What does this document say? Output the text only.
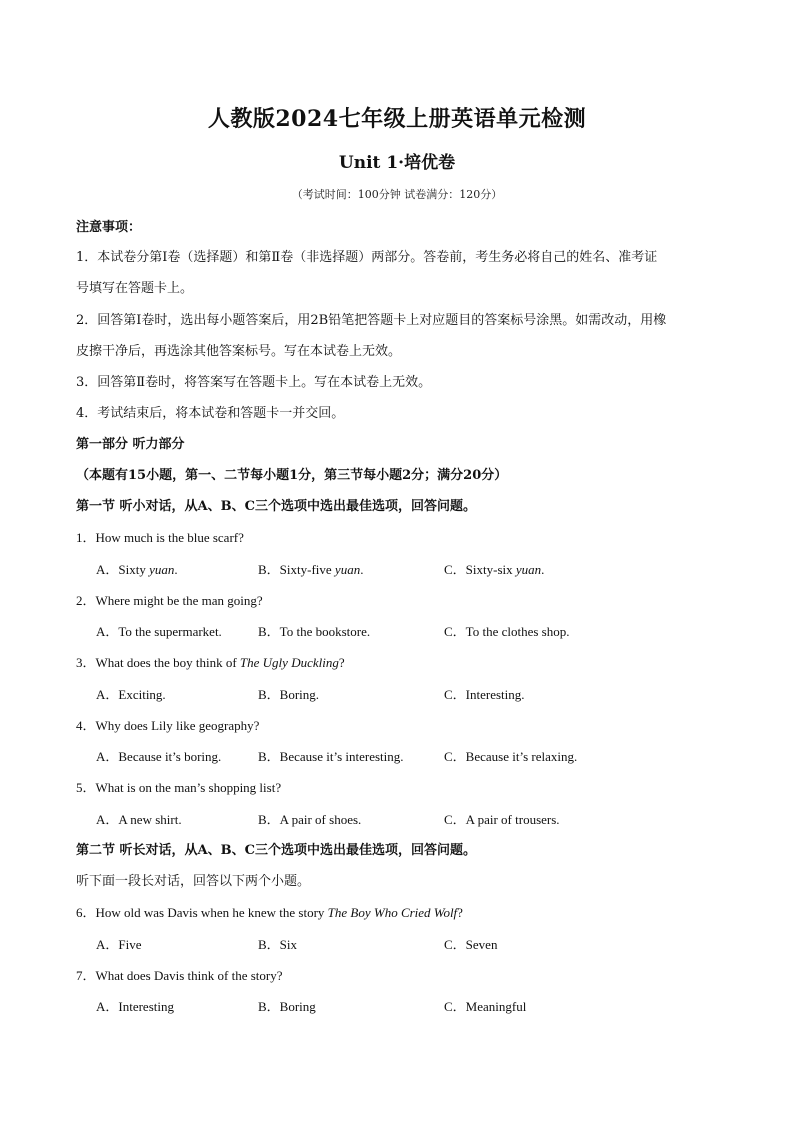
人教版2024七年级上册英语单元检测
Unit 1·培优卷
（考试时间：100分钟 试卷满分：120分）
注意事项：
1．本试卷分第Ⅰ卷（选择题）和第Ⅱ卷（非选择题）两部分。答卷前，考生务必将自己的姓名、准考证
号填写在答题卡上。
2．回答第Ⅰ卷时，选出每小题答案后，用2B铅笔把答题卡上对应题目的答案标号涂黑。如需改动，用橡
皮擦干净后，再选涂其他答案标号。写在本试卷上无效。
3．回答第Ⅱ卷时，将答案写在答题卡上。写在本试卷上无效。
4．考试结束后，将本试卷和答题卡一并交回。
第一部分 听力部分
（本题有15小题，第一、二节每小题1分，第三节每小题2分；满分20分）
第一节 听小对话，从A、B、C三个选项中选出最佳选项，回答问题。
1．How much is the blue scarf?
A．Sixty yuan.	B．Sixty-five yuan.	C．Sixty-six yuan.
2．Where might be the man going?
A．To the supermarket.	B．To the bookstore.	C．To the clothes shop.
3．What does the boy think of The Ugly Duckling?
A．Exciting.	B．Boring.	C．Interesting.
4．Why does Lily like geography?
A．Because it’s boring.	B．Because it’s interesting.	C．Because it’s relaxing.
5．What is on the man’s shopping list?
A．A new shirt.	B．A pair of shoes.	C．A pair of trousers.
第二节 听长对话，从A、B、C三个选项中选出最佳选项，回答问题。
听下面一段长对话，回答以下两个小题。
6．How old was Davis when he knew the story The Boy Who Cried Wolf?
A．Five	B．Six	C．Seven
7．What does Davis think of the story?
A．Interesting	B．Boring	C．Meaningful
